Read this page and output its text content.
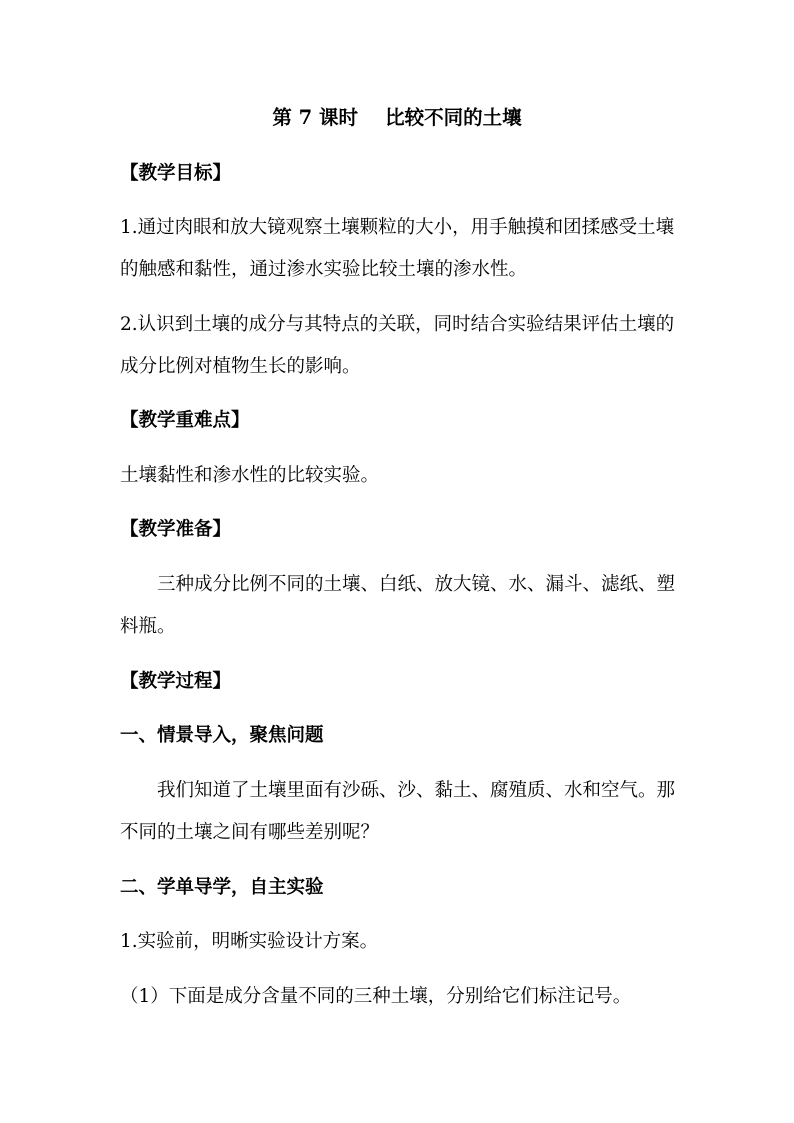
第 7 课时    比较不同的土壤
【教学目标】
1.通过肉眼和放大镜观察土壤颗粒的大小，用手触摸和团揉感受土壤
的触感和黏性，通过渗水实验比较土壤的渗水性。
2.认识到土壤的成分与其特点的关联，同时结合实验结果评估土壤的
成分比例对植物生长的影响。
【教学重难点】
土壤黏性和渗水性的比较实验。
【教学准备】
三种成分比例不同的土壤、白纸、放大镜、水、漏斗、滤纸、塑
料瓶。
【教学过程】
一、情景导入，聚焦问题
我们知道了土壤里面有沙砾、沙、黏土、腐殖质、水和空气。那
不同的土壤之间有哪些差别呢？
二、学单导学，自主实验
1.实验前，明晰实验设计方案。
（1）下面是成分含量不同的三种土壤，分别给它们标注记号。
